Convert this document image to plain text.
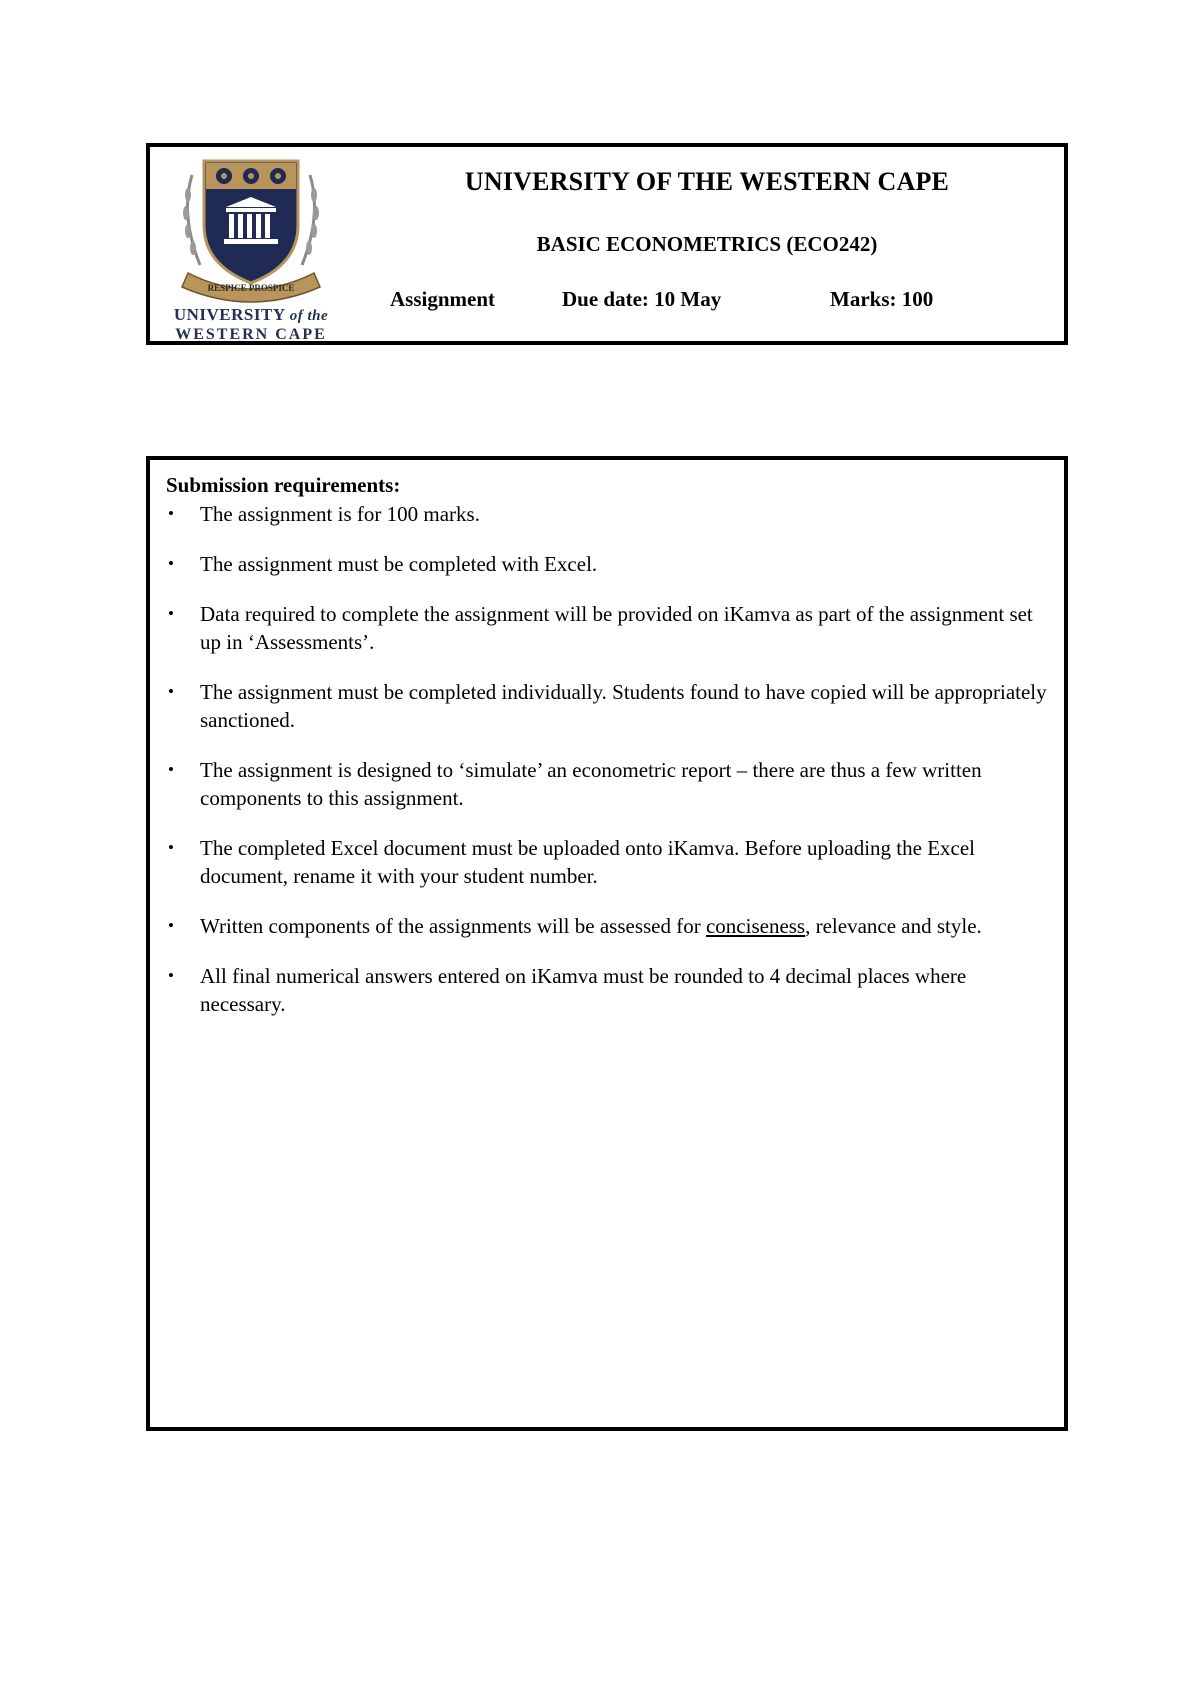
RESPICE PROSPICE
UNIVERSITY of the
WESTERN CAPE
UNIVERSITY OF THE WESTERN CAPE
BASIC ECONOMETRICS (ECO242)
Assignment	Due date: 10 May	Marks: 100

Submission requirements:

• The assignment is for 100 marks.
• The assignment must be completed with Excel.
• Data required to complete the assignment will be provided on iKamva as part of the assignment set up in ‘Assessments’.
• The assignment must be completed individually. Students found to have copied will be appropriately sanctioned.
• The assignment is designed to ‘simulate’ an econometric report – there are thus a few written components to this assignment.
• The completed Excel document must be uploaded onto iKamva. Before uploading the Excel document, rename it with your student number.
• Written components of the assignments will be assessed for conciseness, relevance and style.
• All final numerical answers entered on iKamva must be rounded to 4 decimal places where necessary.
